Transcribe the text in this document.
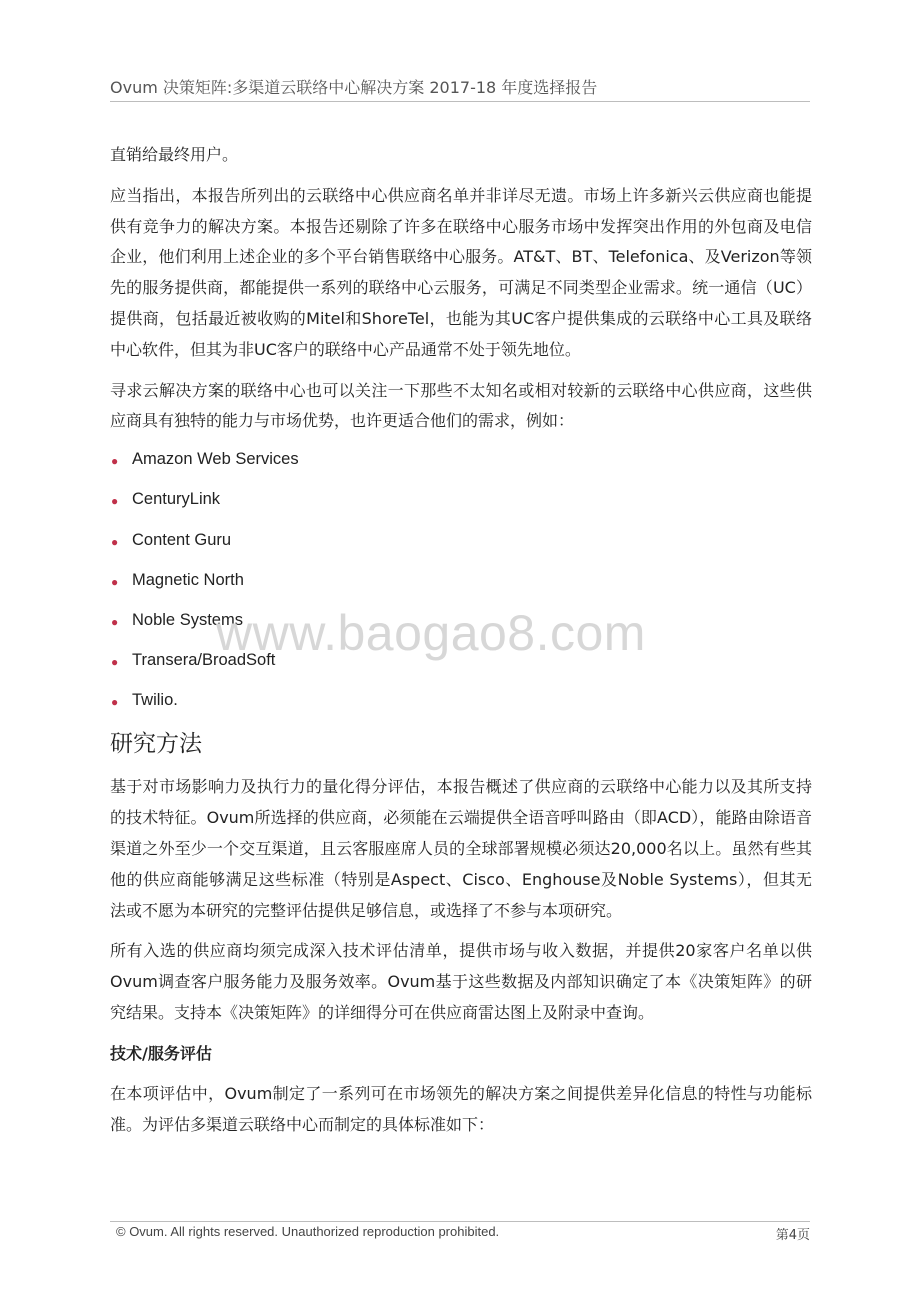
Ovum 决策矩阵:多渠道云联络中心解决方案 2017-18 年度选择报告

直销给最终用户。

应当指出，本报告所列出的云联络中心供应商名单并非详尽无遗。市场上许多新兴云供应商也能提供有竞争力的解决方案。本报告还剔除了许多在联络中心服务市场中发挥突出作用的外包商及电信企业，他们利用上述企业的多个平台销售联络中心服务。AT&T、BT、Telefonica、及Verizon等领先的服务提供商，都能提供一系列的联络中心云服务，可满足不同类型企业需求。统一通信（UC）提供商，包括最近被收购的Mitel和ShoreTel，也能为其UC客户提供集成的云联络中心工具及联络中心软件，但其为非UC客户的联络中心产品通常不处于领先地位。

寻求云解决方案的联络中心也可以关注一下那些不太知名或相对较新的云联络中心供应商，这些供应商具有独特的能力与市场优势，也许更适合他们的需求，例如：

● Amazon Web Services
● CenturyLink
● Content Guru
● Magnetic North
● Noble Systems
● Transera/BroadSoft
● Twilio.
研究方法

基于对市场影响力及执行力的量化得分评估，本报告概述了供应商的云联络中心能力以及其所支持的技术特征。Ovum所选择的供应商，必须能在云端提供全语音呼叫路由（即ACD），能路由除语音渠道之外至少一个交互渠道，且云客服座席人员的全球部署规模必须达20,000名以上。虽然有些其他的供应商能够满足这些标准（特别是Aspect、Cisco、Enghouse及Noble Systems），但其无法或不愿为本研究的完整评估提供足够信息，或选择了不参与本项研究。

所有入选的供应商均须完成深入技术评估清单，提供市场与收入数据，并提供20家客户名单以供Ovum调查客户服务能力及服务效率。Ovum基于这些数据及内部知识确定了本《决策矩阵》的研究结果。支持本《决策矩阵》的详细得分可在供应商雷达图上及附录中查询。

技术/服务评估

在本项评估中，Ovum制定了一系列可在市场领先的解决方案之间提供差异化信息的特性与功能标准。为评估多渠道云联络中心而制定的具体标准如下：

www.baogao8.com
© Ovum. All rights reserved. Unauthorized reproduction prohibited.	第4页
